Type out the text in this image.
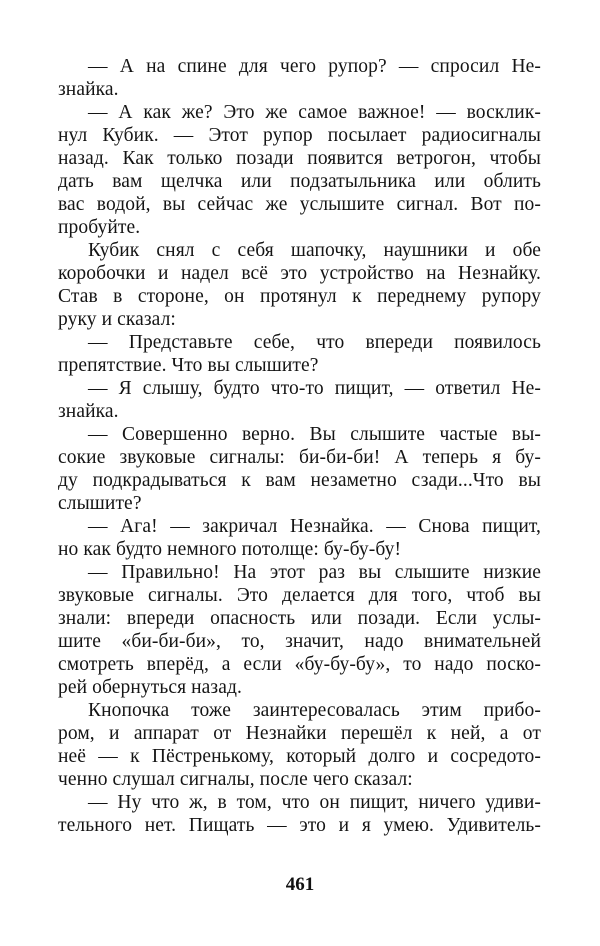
— А на спине для чего рупор? — спросил Не-
знайка.
— А как же? Это же самое важное! — восклик-
нул Кубик. — Этот рупор посылает радиосигналы
назад. Как только позади появится ветрогон, чтобы
дать вам щелчка или подзатыльника или облить
вас водой, вы сейчас же услышите сигнал. Вот по-
пробуйте.
Кубик снял с себя шапочку, наушники и обе
коробочки и надел всё это устройство на Незнайку.
Став в стороне, он протянул к переднему рупору
руку и сказал:
— Представьте себе, что впереди появилось
препятствие. Что вы слышите?
— Я слышу, будто что-то пищит, — ответил Не-
знайка.
— Совершенно верно. Вы слышите частые вы-
сокие звуковые сигналы: би-би-би! А теперь я бу-
ду подкрадываться к вам незаметно сзади...Что вы
слышите?
— Ага! — закричал Незнайка. — Снова пищит,
но как будто немного потолще: бу-бу-бу!
— Правильно! На этот раз вы слышите низкие
звуковые сигналы. Это делается для того, чтоб вы
знали: впереди опасность или позади. Если услы-
шите «би-би-би», то, значит, надо внимательней
смотреть вперёд, а если «бу-бу-бу», то надо поско-
рей обернуться назад.
Кнопочка тоже заинтересовалась этим прибо-
ром, и аппарат от Незнайки перешёл к ней, а от
неё — к Пёстренькому, который долго и сосредото-
ченно слушал сигналы, после чего сказал:
— Ну что ж, в том, что он пищит, ничего удиви-
тельного нет. Пищать — это и я умею. Удивитель-
461
